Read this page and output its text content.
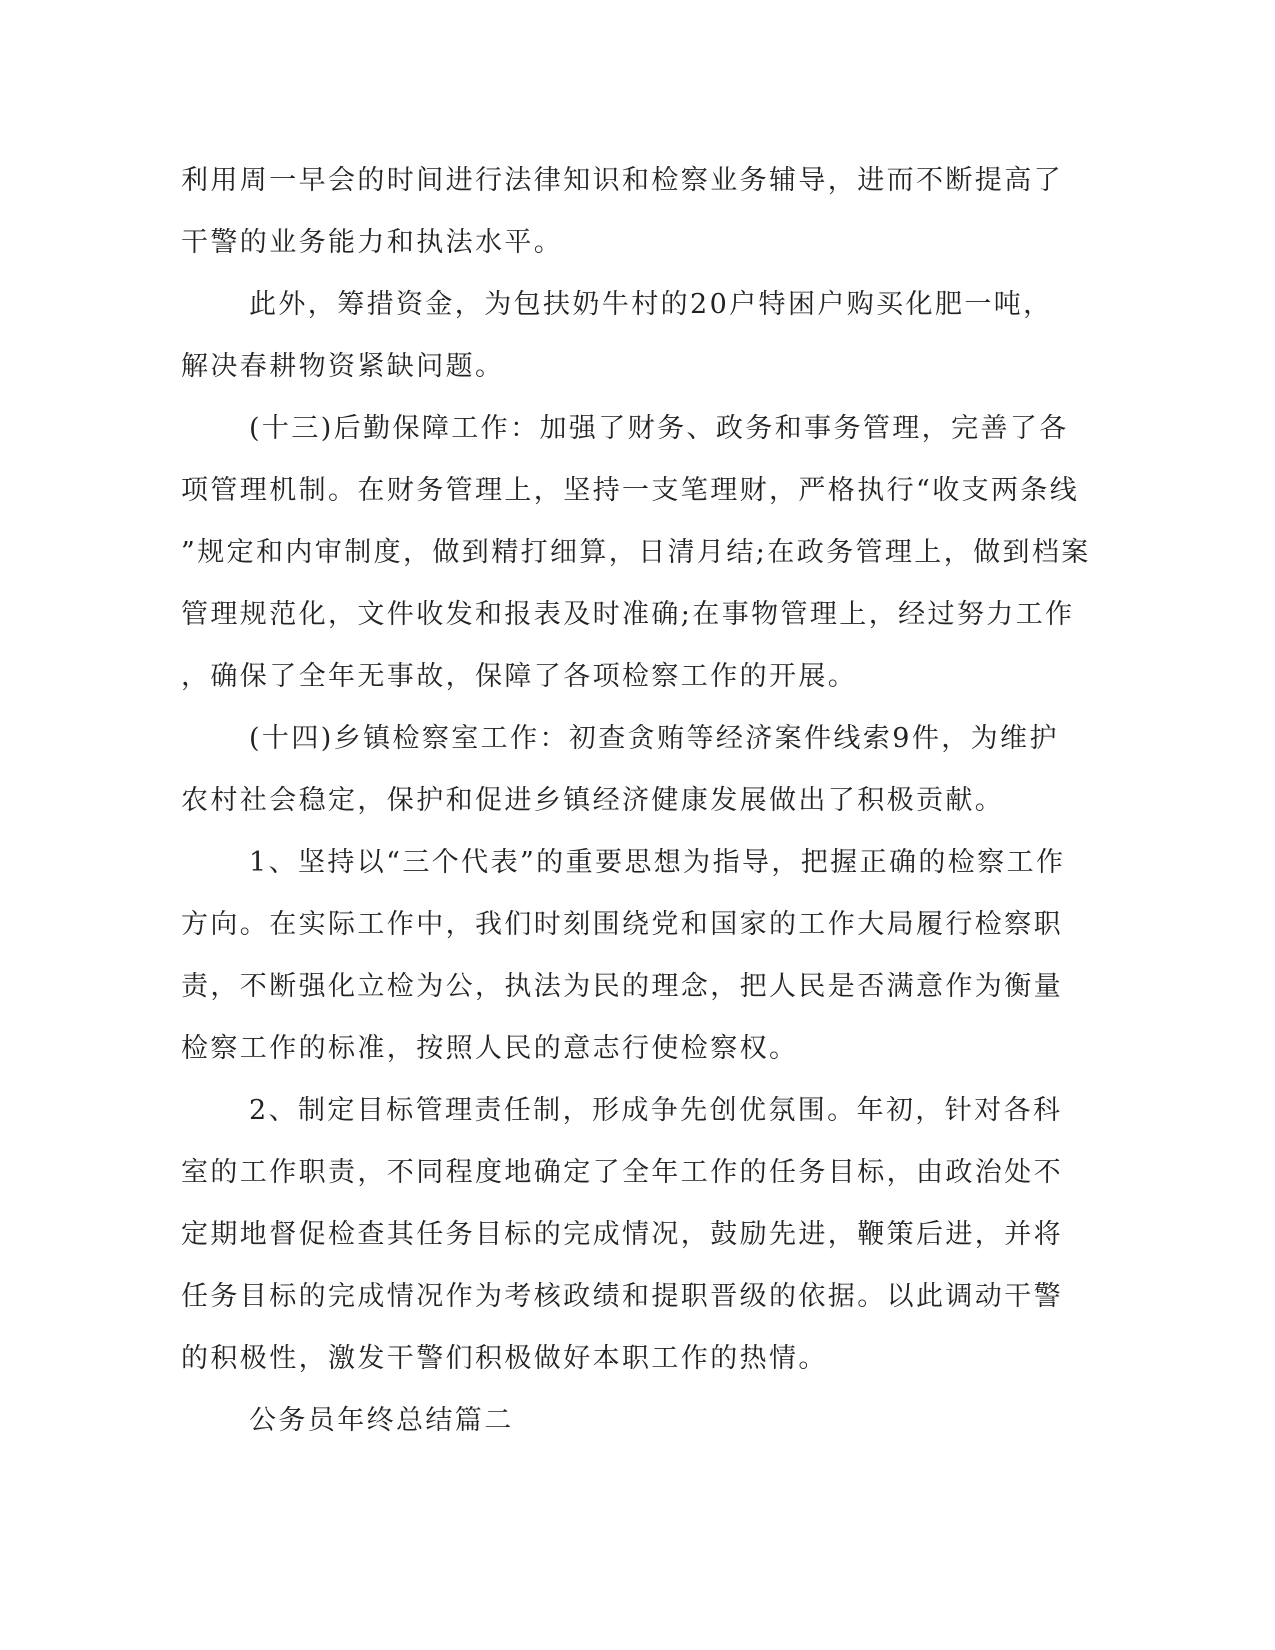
利用周一早会的时间进行法律知识和检察业务辅导，进而不断提高了
干警的业务能力和执法水平。

此外，筹措资金，为包扶奶牛村的20户特困户购买化肥一吨，
解决春耕物资紧缺问题。

(十三)后勤保障工作：加强了财务、政务和事务管理，完善了各
项管理机制。在财务管理上，坚持一支笔理财，严格执行“收支两条线
”规定和内审制度，做到精打细算，日清月结;在政务管理上，做到档案
管理规范化，文件收发和报表及时准确;在事物管理上，经过努力工作
，确保了全年无事故，保障了各项检察工作的开展。

(十四)乡镇检察室工作：初查贪贿等经济案件线索9件，为维护
农村社会稳定，保护和促进乡镇经济健康发展做出了积极贡献。

1、坚持以“三个代表”的重要思想为指导，把握正确的检察工作
方向。在实际工作中，我们时刻围绕党和国家的工作大局履行检察职
责，不断强化立检为公，执法为民的理念，把人民是否满意作为衡量
检察工作的标准，按照人民的意志行使检察权。

2、制定目标管理责任制，形成争先创优氛围。年初，针对各科
室的工作职责，不同程度地确定了全年工作的任务目标，由政治处不
定期地督促检查其任务目标的完成情况，鼓励先进，鞭策后进，并将
任务目标的完成情况作为考核政绩和提职晋级的依据。以此调动干警
的积极性，激发干警们积极做好本职工作的热情。

公务员年终总结篇二
